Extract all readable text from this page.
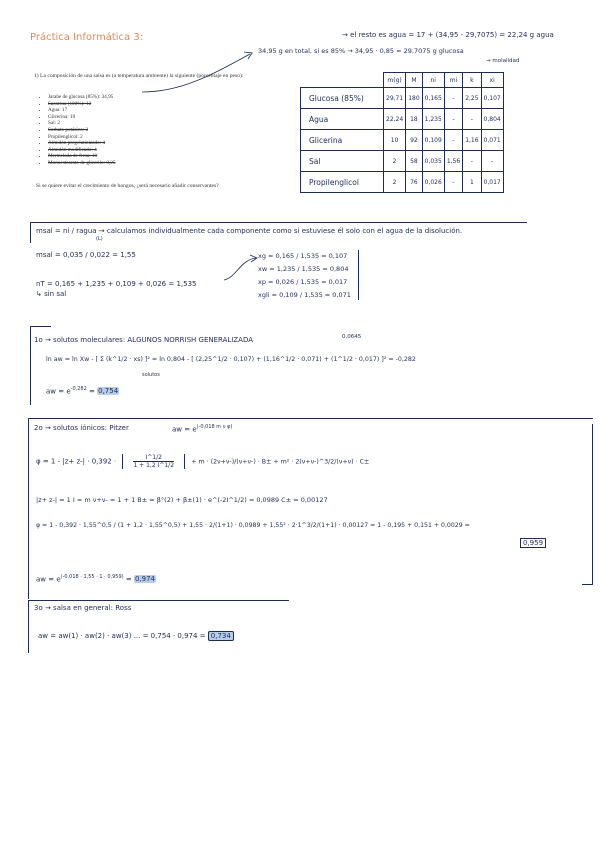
Práctica Informática 3:	→ el resto es agua = 17 + (34,95 - 29,7075) = 22,24 g agua
34,95 g en total, si es 85% → 34,95 · 0,85 = 29,7075 g glucosa
→ molalidad
1) La composición de una salsa es (a temperatura ambiente) la siguiente (porcentaje en peso):
• Jarabe de glucosa (85%): 34,95
• Sacarosa (100%): 12
• Agua: 17
• Glicerina: 10
• Sal: 2
• Sorbato potásico: 2
• Propilenglicol: 2
• Almidón pregelatinizado: 4
• Almidón modificado: 4
• Mermelada de fresa: 10
• Monoestearato de glicerilo: 0,25
Si se quiere evitar el crecimiento de hongos, ¿será necesario añadir conservantes?
	m(g)	M	ni	mi	k	xi
Glucosa (85%)	29,71	180	0,165	-	2,25	0,107
Agua	22,24	18	1,235	-	-	0,804
Glicerina	10	92	0,109	-	1,16	0,071
Sal	2	58	0,035	1,56	-	-
Propilenglicol	2	76	0,026	-	1	0,017
msal = ni / ragua → calculamos individualmente cada componente como si estuviese él solo con el agua de la disolución.
(L)
msal = 0,035 / 0,022 = 1,55
nT = 0,165 + 1,235 + 0,109 + 0,026 = 1,535
↳ sin sal
xg = 0,165 / 1,535 = 0,107
xw = 1,235 / 1,535 = 0,804
xp = 0,026 / 1,535 = 0,017
xgli = 0,109 / 1,535 = 0,071
1o → solutos moleculares: ALGUNOS NORRISH GENERALIZADA	0,0645
ln aw = ln Xw - [ Σ (k^1/2 · xs) ]² = ln 0,804 - [ (2,25^1/2 · 0,107) + (1,16^1/2 · 0,071) + (1^1/2 · 0,017) ]² = -0,282
solutos
aw = $e^{-0,282} = 0,754$
2o → solutos iónicos: Pitzer	aw = $e^{(-0,018 m \nu \varphi)}$
$\varphi = 1 - |z+ z-| \cdot 0,392 \cdot \frac{I\^{}1/2}{1 + 1,2 I\^{}1/2} + m \cdot (2\nu+\nu-)/(\nu+\nu-) \cdot B\pm + m^2$ · 2(ν+ν-)^3/2/(ν+ν) · C±
|z+ z-| = 1 I = m ν+ν- = 1 + 1 B± = β°(2) + β±(1) · e^(-2I^1/2) = 0,0989 C± = 0,00127
φ = 1 - 0,392 · 1,55^0,5 / (1 + 1,2 · 1,55^0,5) + 1,55 · 2/(1+1) · 0,0989 + 1,55² · 2·1^3/2/(1+1) · 0,00127 = 1 - 0,195 + 0,151 + 0,0029 =
0,959
aw = $e^{(-0,018 \cdot 1,55 \cdot 1 \cdot 0,959)} = 0,974$
3o → salsa en general: Ross
aw = aw(1) · aw(2) · aw(3) ... = 0,754 · 0,974 = 0,734
